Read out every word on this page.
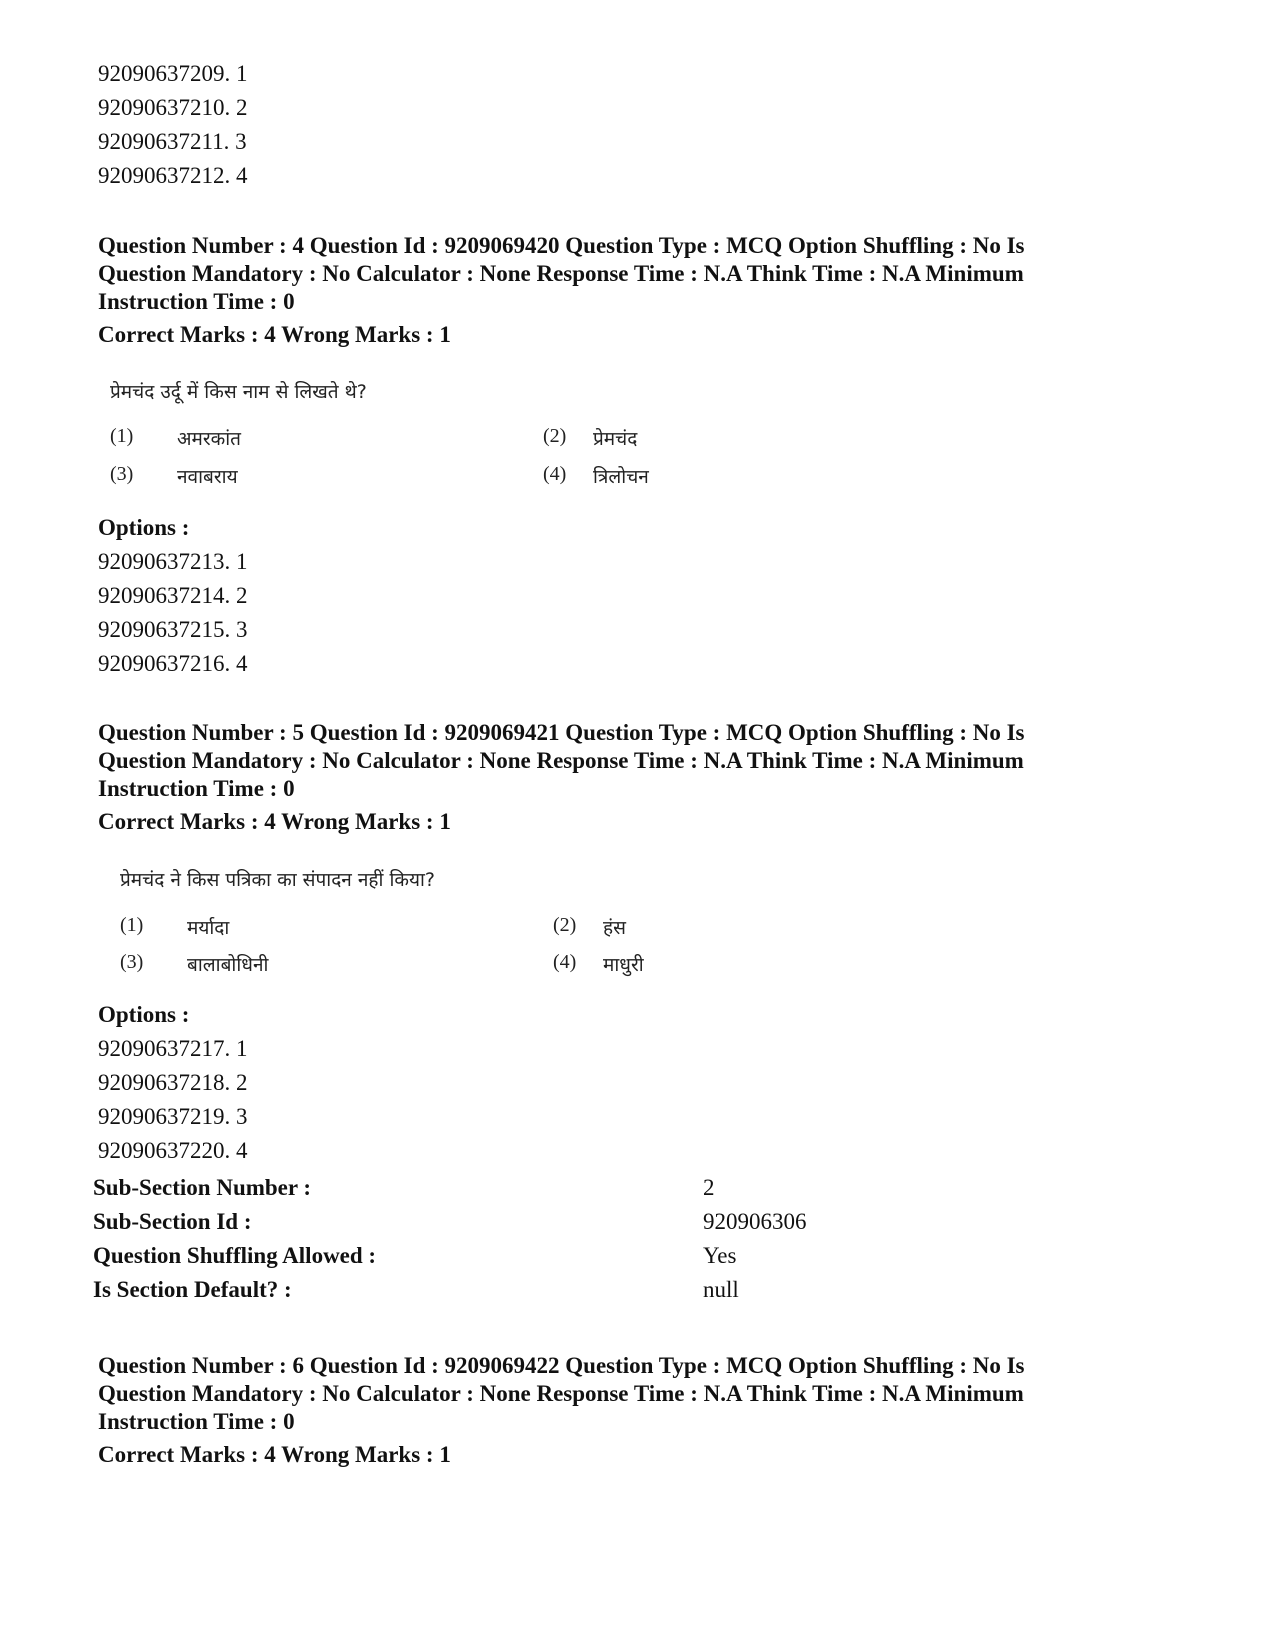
92090637209. 1
92090637210. 2
92090637211. 3
92090637212. 4
Question Number : 4 Question Id : 9209069420 Question Type : MCQ Option Shuffling : No Is
Question Mandatory : No Calculator : None Response Time : N.A Think Time : N.A Minimum
Instruction Time : 0
Correct Marks : 4 Wrong Marks : 1
प्रेमचंद उर्दू में किस नाम से लिखते थे?
(1) अमरकांत	(2) प्रेमचंद
(3) नवाबराय	(4) त्रिलोचन
Options :
92090637213. 1
92090637214. 2
92090637215. 3
92090637216. 4
Question Number : 5 Question Id : 9209069421 Question Type : MCQ Option Shuffling : No Is
Question Mandatory : No Calculator : None Response Time : N.A Think Time : N.A Minimum
Instruction Time : 0
Correct Marks : 4 Wrong Marks : 1
प्रेमचंद ने किस पत्रिका का संपादन नहीं किया?
(1) मर्यादा	(2) हंस
(3) बालाबोधिनी	(4) माधुरी
Options :
92090637217. 1
92090637218. 2
92090637219. 3
92090637220. 4
Sub-Section Number :	2
Sub-Section Id :	920906306
Question Shuffling Allowed :	Yes
Is Section Default? :	null
Question Number : 6 Question Id : 9209069422 Question Type : MCQ Option Shuffling : No Is
Question Mandatory : No Calculator : None Response Time : N.A Think Time : N.A Minimum
Instruction Time : 0
Correct Marks : 4 Wrong Marks : 1
